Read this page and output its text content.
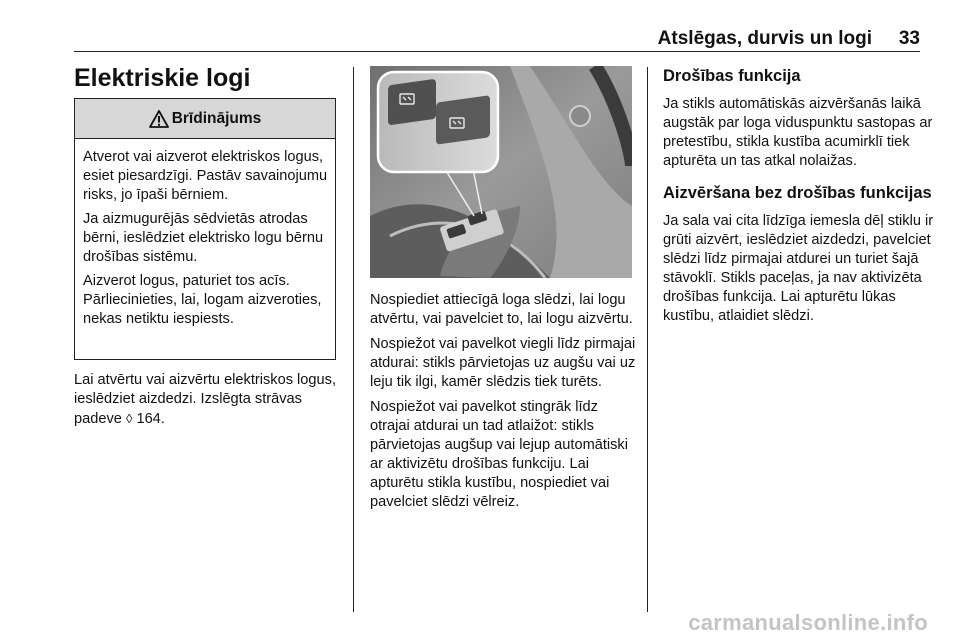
Atslēgas, durvis un logi 33
Elektriskie logi
Brīdinājums

Atverot vai aizverot elektriskos logus, esiet piesardzīgi. Pastāv savainojumu risks, jo īpaši bērniem.

Ja aizmugurējās sēdvietās atrodas bērni, ieslēdziet elektrisko logu bērnu drošības sistēmu.

Aizverot logus, paturiet tos acīs. Pārliecinieties, lai, logam aizveroties, nekas netiktu iespiests.

Lai atvērtu vai aizvērtu elektriskos logus, ieslēdziet aizdedzi. Izslēgta strāvas padeve ◊ 164.

Nospiediet attiecīgā loga slēdzi, lai logu atvērtu, vai pavelciet to, lai logu aizvērtu.

Nospiežot vai pavelkot viegli līdz pirmajai atdurai: stikls pārvietojas uz augšu vai uz leju tik ilgi, kamēr slēdzis tiek turēts.

Nospiežot vai pavelkot stingrāk līdz otrajai atdurai un tad atlaižot: stikls pārvietojas augšup vai lejup automātiski ar aktivizētu drošības funkciju. Lai apturētu stikla kustību, nospiediet vai pavelciet slēdzi vēlreiz.

Drošības funkcija

Ja stikls automātiskās aizvēršanās laikā augstāk par loga viduspunktu sastopas ar pretestību, stikla kustība acumirklī tiek apturēta un tas atkal nolaižas.

Aizvēršana bez drošības funkcijas

Ja sala vai cita līdzīga iemesla dēļ stiklu ir grūti aizvērt, ieslēdziet aizdedzi, pavelciet slēdzi līdz pirmajai atdurei un turiet šajā stāvoklī. Stikls paceļas, ja nav aktivizēta drošības funkcija. Lai apturētu lūkas kustību, atlaidiet slēdzi.

carmanualsonline.info
